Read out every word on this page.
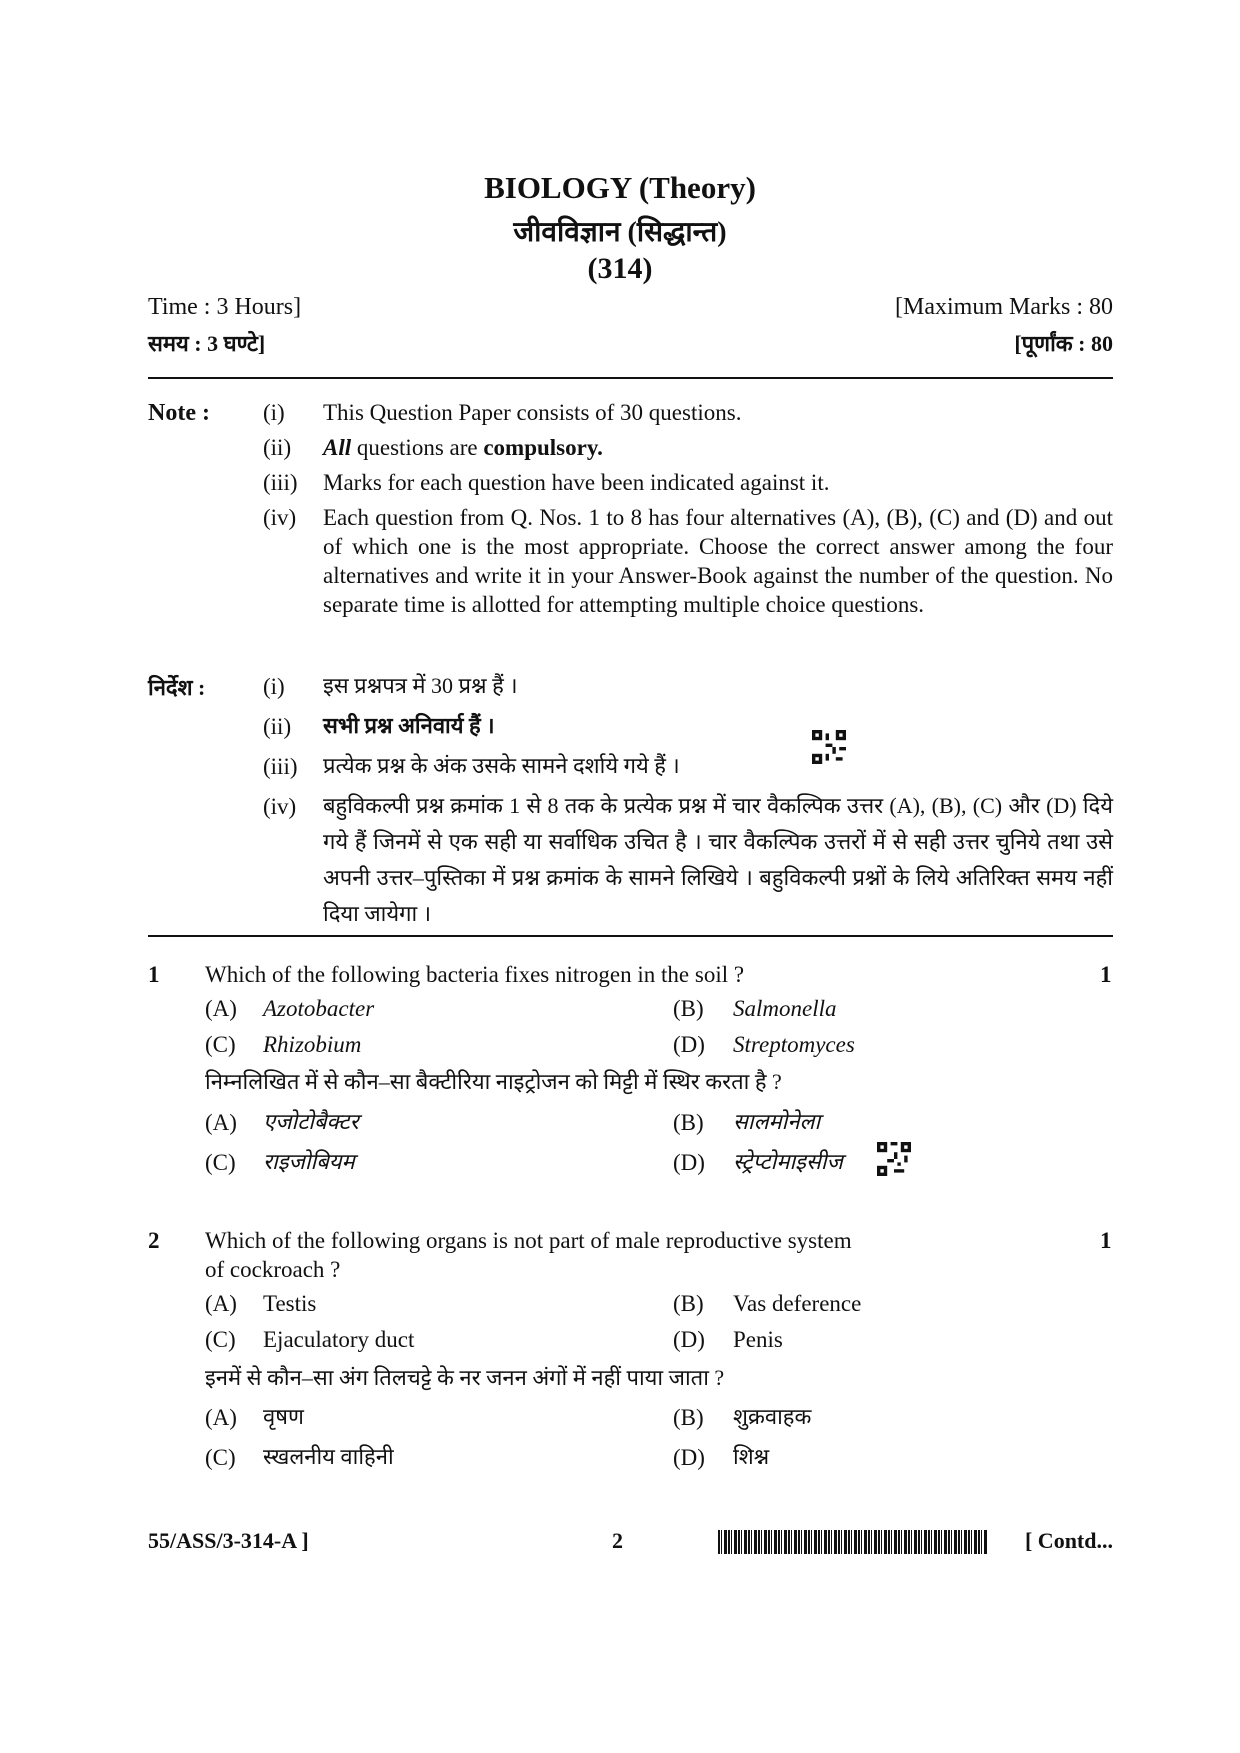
BIOLOGY (Theory)
जीवविज्ञान (सिद्धान्त)
(314)
Time : 3 Hours]
समय : 3 घण्टे]
[Maximum Marks : 80
[पूर्णांक : 80
Note : (i) This Question Paper consists of 30 questions.
(ii) All questions are compulsory.
(iii) Marks for each question have been indicated against it.
(iv) Each question from Q. Nos. 1 to 8 has four alternatives (A), (B), (C) and (D) and out of which one is the most appropriate. Choose the correct answer among the four alternatives and write it in your Answer-Book against the number of the question. No separate time is allotted for attempting multiple choice questions.
निर्देश :	(i) इस प्रश्नपत्र में 30 प्रश्न हैं ।
(ii) सभी प्रश्न अनिवार्य हैं ।
(iii) प्रत्येक प्रश्न के अंक उसके सामने दर्शाये गये हैं ।
(iv) बहुविकल्पी प्रश्न क्रमांक 1 से 8 तक के प्रत्येक प्रश्न में चार वैकल्पिक उत्तर (A), (B), (C) और (D) दिये गये हैं जिनमें से एक सही या सर्वाधिक उचित है । चार वैकल्पिक उत्तरों में से सही उत्तर चुनिये तथा उसे अपनी उत्तर–पुस्तिका में प्रश्न क्रमांक के सामने लिखिये । बहुविकल्पी प्रश्नों के लिये अतिरिक्त समय नहीं दिया जायेगा ।
1 Which of the following bacteria fixes nitrogen in the soil ?	1
(A) Azotobacter	(B) Salmonella
(C) Rhizobium	(D) Streptomyces
निम्नलिखित में से कौन–सा बैक्टीरिया नाइट्रोजन को मिट्टी में स्थिर करता है ?
(A) एजोटोबैक्टर	(B) सालमोनेला
(C) राइजोबियम	(D) स्ट्रेप्टोमाइसीज
2 Which of the following organs is not part of male reproductive system
of cockroach ?
1
(A) Testis	(B) Vas deference
(C) Ejaculatory duct	(D) Penis
इनमें से कौन–सा अंग तिलचट्टे के नर जनन अंगों में नहीं पाया जाता ?
(A) वृषण	(B) शुक्रवाहक
(C) स्खलनीय वाहिनी	(D) शिश्न
55/ASS/3-314-A ]	2	[ Contd...
